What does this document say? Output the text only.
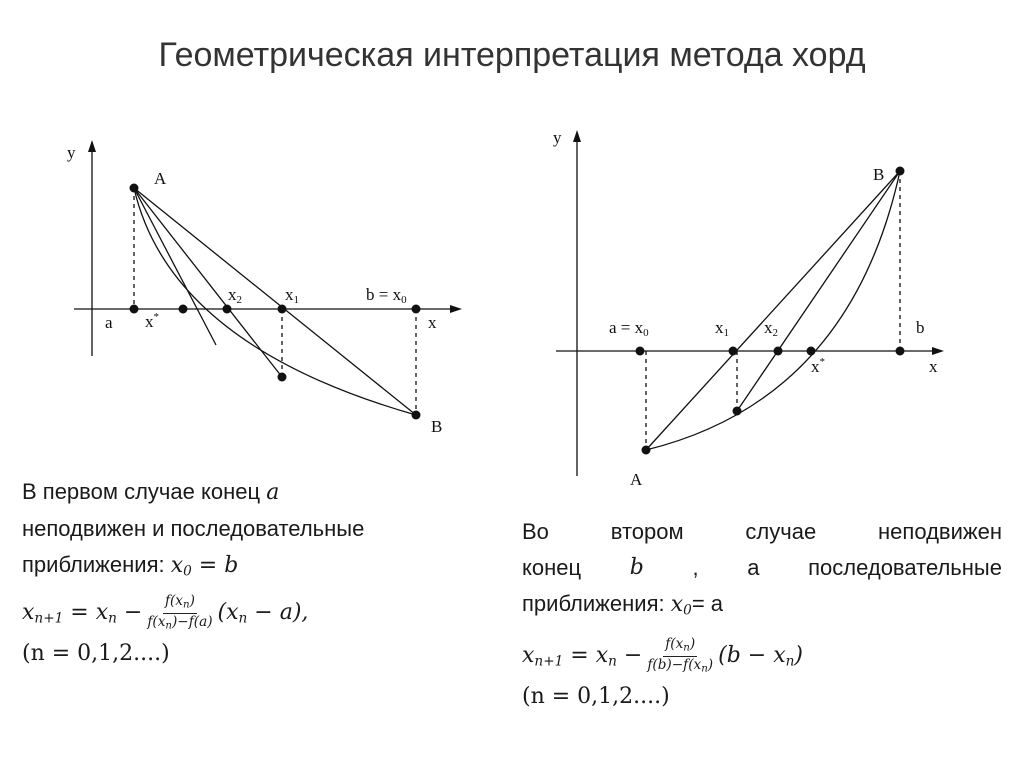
Геометрическая интерпретация метода хорд
y
x
A
B
a x*
x2	x1	b = x0
y
x
A
B
a = x0	x1 x2
x*
b

В первом случае конец a

неподвижен и последовательные

приближения: $x_0 = b$

$x_{n+1} = x_n - \frac{f(x_n)}{f(x_n)-f(a)} (x_n - a)$,

(n = 0,1,2....)

Во	втором	случае	неподвижен

конец b , а последовательные

приближения: $x_0= а$

$x_{n+1} = x_n - \frac{f(x_n)}{f(b)-f(x_n)} (b - x_n)$

(n = 0,1,2....)
